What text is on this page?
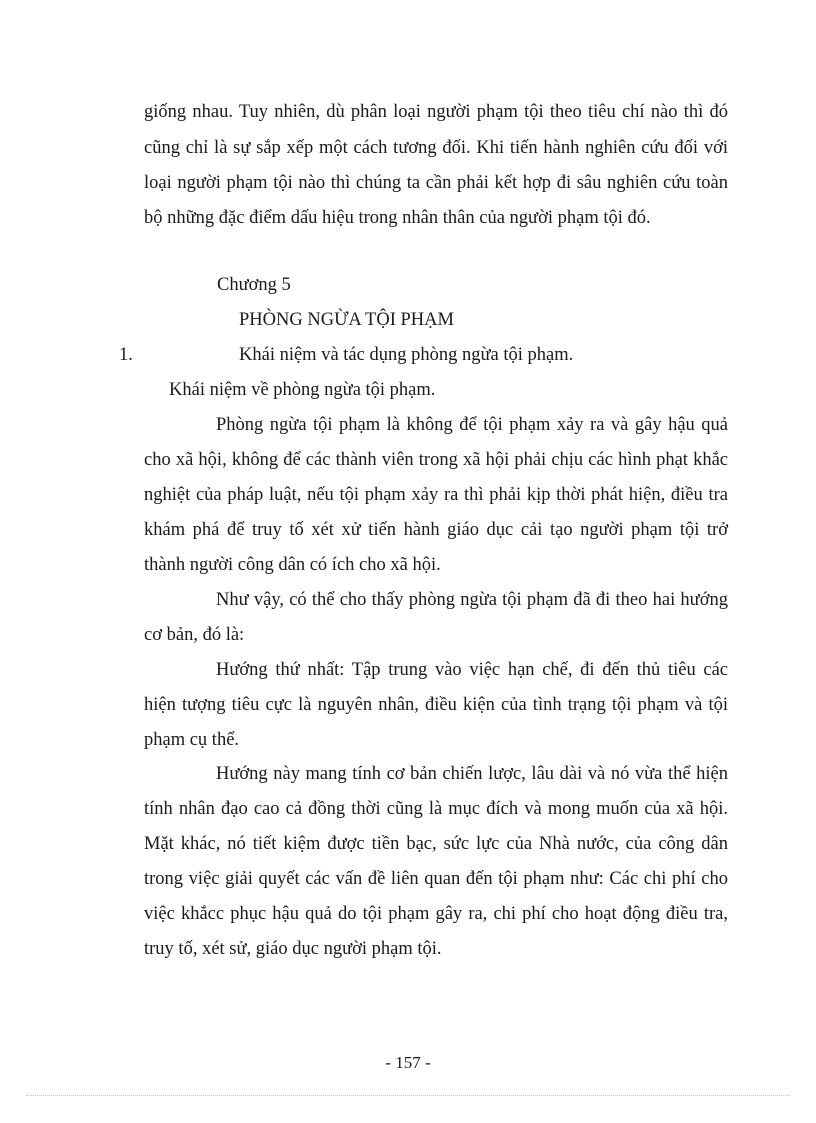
giống nhau. Tuy nhiên, dù phân loại người phạm tội theo tiêu chí nào thì đó
cũng chỉ là sự sắp xếp một cách tương đối. Khi tiến hành nghiên cứu đối với
loại người phạm tội nào thì chúng ta cần phải kết hợp đi sâu nghiên cứu toàn
bộ những đặc điểm dấu hiệu trong nhân thân của người phạm tội đó.
Chương 5
PHÒNG NGỪA TỘI PHẠM
1.	Khái niệm và tác dụng phòng ngừa tội phạm.
Khái niệm về phòng ngừa tội phạm.
Phòng ngừa tội phạm là không để tội phạm xảy ra và gây hậu quả
cho xã hội, không để các thành viên trong xã hội phải chịu các hình phạt khắc
nghiệt của pháp luật, nếu tội phạm xảy ra thì phải kịp thời phát hiện, điều tra
khám phá để truy tố xét xử tiến hành giáo dục cải tạo người phạm tội trở
thành người công dân có ích cho xã hội.
Như vậy, có thể cho thấy phòng ngừa tội phạm đã đi theo hai hướng
cơ bản, đó là:
Hướng thứ nhất: Tập trung vào việc hạn chế, đi đến thủ tiêu các
hiện tượng tiêu cực là nguyên nhân, điều kiện của tình trạng tội phạm và tội
phạm cụ thể.
Hướng này mang tính cơ bản chiến lược, lâu dài và nó vừa thể hiện
tính nhân đạo cao cả đồng thời cũng là mục đích và mong muốn của xã hội.
Mặt khác, nó tiết kiệm được tiền bạc, sức lực của Nhà nước, của công dân
trong việc giải quyết các vấn đề liên quan đến tội phạm như: Các chi phí cho
việc khắcc phục hậu quả do tội phạm gây ra, chi phí cho hoạt động điều tra,
truy tố, xét sử, giáo dục người phạm tội.
- 157 -
